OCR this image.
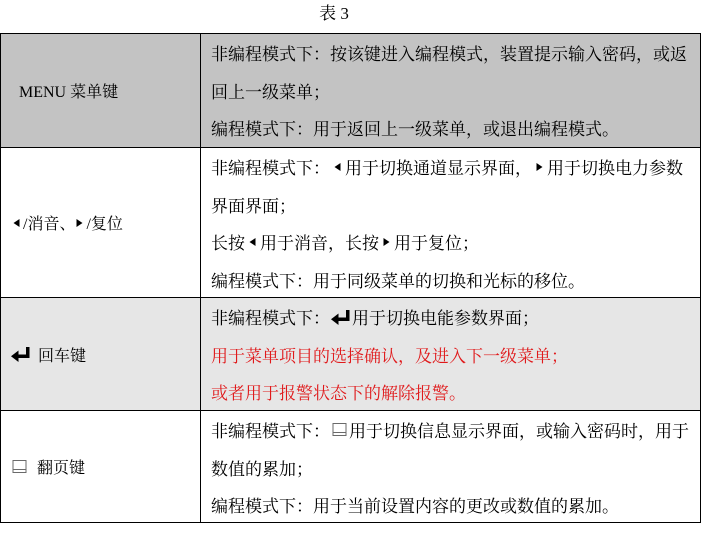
表 3
MENU 菜单键
非编程模式下：按该键进入编程模式，装置提示输入密码，或返
回上一级菜单；
编程模式下：用于返回上一级菜单，或退出编程模式。
/消音、 /复位
非编程模式下： 用于切换通道显示界面， 用于切换电力参数
界面界面；
长按 用于消音，长按 用于复位；
编程模式下：用于同级菜单的切换和光标的移位。
回车键
非编程模式下： 用于切换电能参数界面；
用于菜单项目的选择确认，及进入下一级菜单；
或者用于报警状态下的解除报警。
翻页键
非编程模式下： 用于切换信息显示界面，或输入密码时，用于
数值的累加；
编程模式下：用于当前设置内容的更改或数值的累加。
